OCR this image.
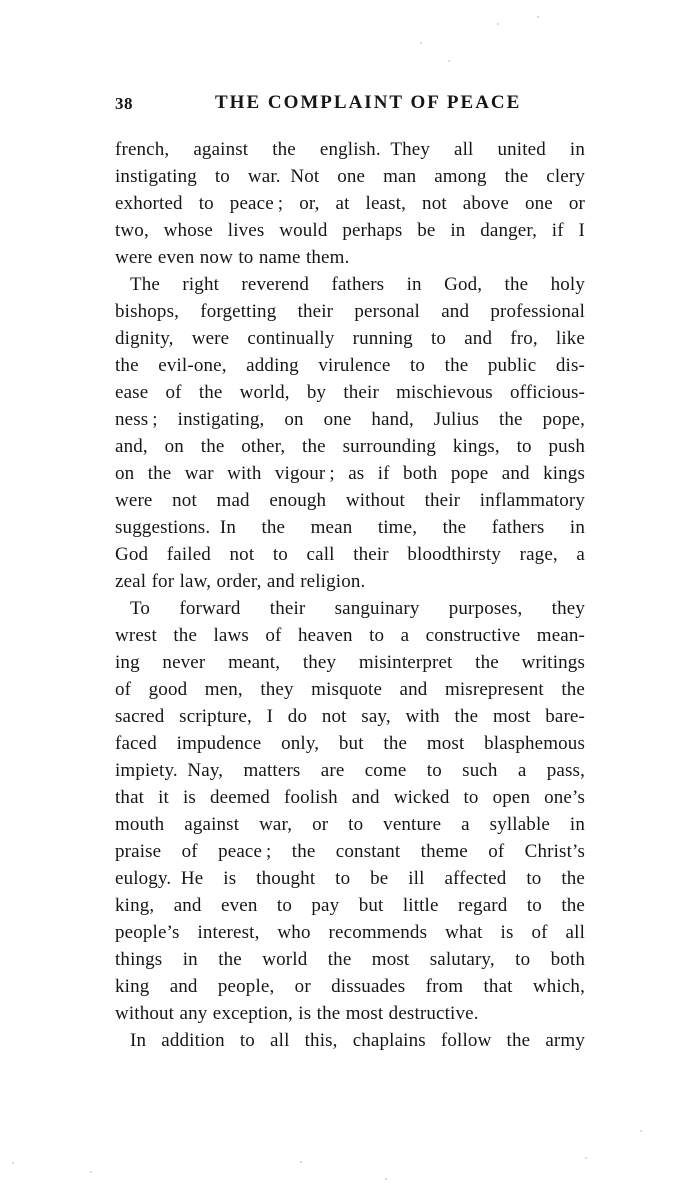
38	THE COMPLAINT OF PEACE
french, against the english. They all united in
instigating to war. Not one man among the clery
exhorted to peace ; or, at least, not above one or
two, whose lives would perhaps be in danger, if I
were even now to name them.
The right reverend fathers in God, the holy
bishops, forgetting their personal and professional
dignity, were continually running to and fro, like
the evil-one, adding virulence to the public dis-
ease of the world, by their mischievous officious-
ness ; instigating, on one hand, Julius the pope,
and, on the other, the surrounding kings, to push
on the war with vigour ; as if both pope and kings
were not mad enough without their inflammatory
suggestions. In the mean time, the fathers in
God failed not to call their bloodthirsty rage, a
zeal for law, order, and religion.
To forward their sanguinary purposes, they
wrest the laws of heaven to a constructive mean-
ing never meant, they misinterpret the writings
of good men, they misquote and misrepresent the
sacred scripture, I do not say, with the most bare-
faced impudence only, but the most blasphemous
impiety. Nay, matters are come to such a pass,
that it is deemed foolish and wicked to open one’s
mouth against war, or to venture a syllable in
praise of peace ; the constant theme of Christ’s
eulogy. He is thought to be ill affected to the
king, and even to pay but little regard to the
people’s interest, who recommends what is of all
things in the world the most salutary, to both
king and people, or dissuades from that which,
without any exception, is the most destructive.
In addition to all this, chaplains follow the army
